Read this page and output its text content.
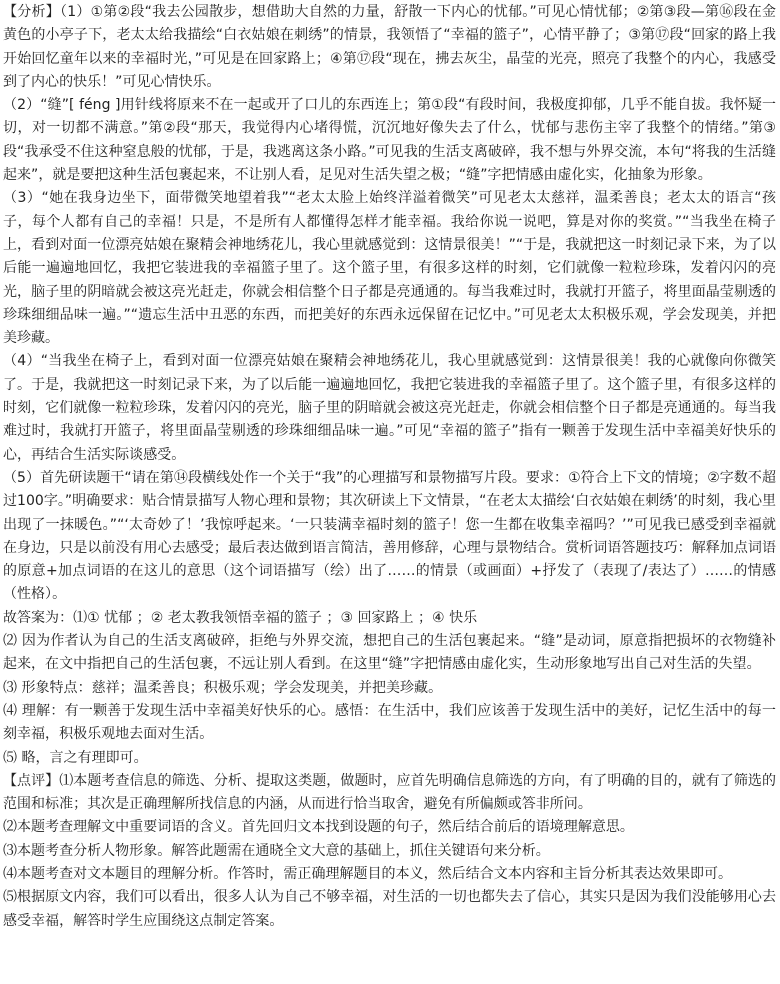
【分析】（1）①第②段“我去公园散步，想借助大自然的力量，舒散一下内心的忧郁。”可见心情忧郁；②第③段—第⑯段在金黄色的小亭子下，老太太给我描绘“白衣姑娘在刺绣”的情景，我领悟了“幸福的篮子”，心情平静了；③第⑰段“回家的路上我开始回忆童年以来的幸福时光，”可见是在回家路上；④第⑰段“现在，拂去灰尘，晶莹的光亮，照亮了我整个的内心，我感受到了内心的快乐！”可见心情快乐。

（2）“缝”[ féng ]用针线将原来不在一起或开了口儿的东西连上；第①段“有段时间，我极度抑郁，几乎不能自拔。我怀疑一切，对一切都不满意。”第②段“那天，我觉得内心堵得慌，沉沉地好像失去了什么，忧郁与悲伤主宰了我整个的情绪。”第③段“我承受不住这种窒息般的忧郁，于是，我逃离这条小路。”可见我的生活支离破碎，我不想与外界交流，本句“将我的生活缝起来”，就是要把这种生活包裹起来，不让别人看，足见对生活失望之极；“缝”字把情感由虚化实，化抽象为形象。

（3）“她在我身边坐下，面带微笑地望着我”“老太太脸上始终洋溢着微笑”可见老太太慈祥，温柔善良；老太太的语言“孩子，每个人都有自己的幸福！只是，不是所有人都懂得怎样才能幸福。我给你说一说吧，算是对你的奖赏。”“当我坐在椅子上，看到对面一位漂亮姑娘在聚精会神地绣花儿，我心里就感觉到：这情景很美！”“于是，我就把这一时刻记录下来，为了以后能一遍遍地回忆，我把它装进我的幸福篮子里了。这个篮子里，有很多这样的时刻，它们就像一粒粒珍珠，发着闪闪的亮光，脑子里的阴暗就会被这亮光赶走，你就会相信整个日子都是亮通通的。每当我难过时，我就打开篮子，将里面晶莹剔透的珍珠细细品味一遍。”“遗忘生活中丑恶的东西，而把美好的东西永远保留在记忆中。”可见老太太积极乐观，学会发现美，并把美珍藏。

（4）“当我坐在椅子上，看到对面一位漂亮姑娘在聚精会神地绣花儿，我心里就感觉到：这情景很美！我的心就像向你微笑了。于是，我就把这一时刻记录下来，为了以后能一遍遍地回忆，我把它装进我的幸福篮子里了。这个篮子里，有很多这样的时刻，它们就像一粒粒珍珠，发着闪闪的亮光，脑子里的阴暗就会被这亮光赶走，你就会相信整个日子都是亮通通的。每当我难过时，我就打开篮子，将里面晶莹剔透的珍珠细细品味一遍。”可见“幸福的篮子”指有一颗善于发现生活中幸福美好快乐的心，再结合生活实际谈感受。

（5）首先研读题干“请在第⑭段横线处作一个关于“我”的心理描写和景物描写片段。要求：①符合上下文的情境；②字数不超过100字。”明确要求：贴合情景描写人物心理和景物；其次研读上下文情景，“在老太太描绘‘白衣姑娘在刺绣’的时刻，我心里出现了一抹暖色。”“‘太奇妙了！’我惊呼起来。‘一只装满幸福时刻的篮子！您一生都在收集幸福吗？’”可见我已感受到幸福就在身边，只是以前没有用心去感受；最后表达做到语言简洁，善用修辞，心理与景物结合。赏析词语答题技巧：解释加点词语的原意+加点词语的在这儿的意思（这个词语描写（绘）出了……的情景（或画面）+抒发了（表现了/表达了）……的情感（性格）。

故答案为：⑴① 忧郁 ；② 老太教我领悟幸福的篮子 ；③ 回家路上 ；④ 快乐

⑵ 因为作者认为自己的生活支离破碎，拒绝与外界交流，想把自己的生活包裹起来。“缝”是动词，原意指把损坏的衣物缝补起来，在文中指把自己的生活包裹，不远让别人看到。在这里“缝”字把情感由虚化实，生动形象地写出自己对生活的失望。

⑶ 形象特点：慈祥；温柔善良；积极乐观；学会发现美，并把美珍藏。

⑷ 理解：有一颗善于发现生活中幸福美好快乐的心。感悟：在生活中，我们应该善于发现生活中的美好，记忆生活中的每一刻幸福，积极乐观地去面对生活。

⑸ 略，言之有理即可。

【点评】⑴本题考查信息的筛选、分析、提取这类题，做题时，应首先明确信息筛选的方向，有了明确的目的，就有了筛选的范围和标准；其次是正确理解所找信息的内涵，从而进行恰当取舍，避免有所偏颇或答非所问。

⑵本题考查理解文中重要词语的含义。首先回归文本找到设题的句子，然后结合前后的语境理解意思。

⑶本题考查分析人物形象。解答此题需在通晓全文大意的基础上，抓住关键语句来分析。

⑷本题考查对文本题目的理解分析。作答时，需正确理解题目的本义，然后结合文本内容和主旨分析其表达效果即可。

⑸根据原文内容，我们可以看出，很多人认为自己不够幸福，对生活的一切也都失去了信心，其实只是因为我们没能够用心去感受幸福，解答时学生应围绕这点制定答案。
